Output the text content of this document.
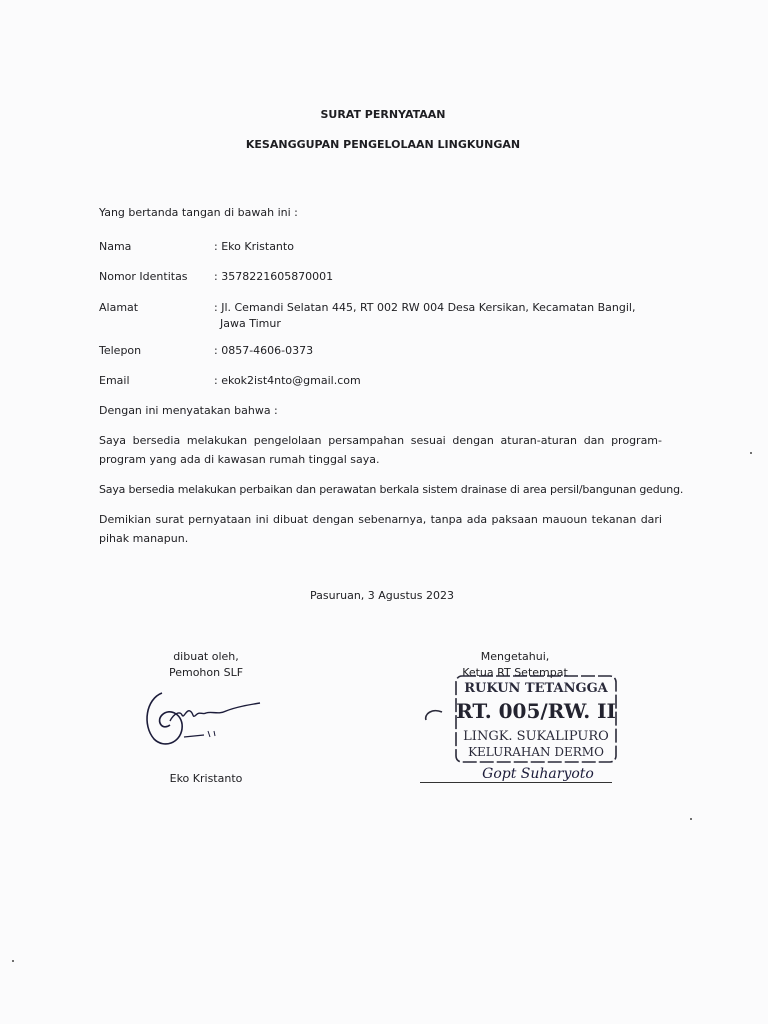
SURAT PERNYATAAN
KESANGGUPAN PENGELOLAAN LINGKUNGAN
Yang bertanda tangan di bawah ini :
Nama	: Eko Kristanto
Nomor Identitas : 3578221605870001
Alamat	: Jl. Cemandi Selatan 445, RT 002 RW 004 Desa Kersikan, Kecamatan Bangil,
Jawa Timur
Telepon	: 0857-4606-0373
Email	: ekok2ist4nto@gmail.com
Dengan ini menyatakan bahwa :
Saya bersedia melakukan pengelolaan persampahan sesuai dengan aturan-aturan dan program-program yang ada di kawasan rumah tinggal saya.
Saya bersedia melakukan perbaikan dan perawatan berkala sistem drainase di area persil/bangunan gedung.
Demikian surat pernyataan ini dibuat dengan sebenarnya, tanpa ada paksaan mauoun tekanan dari pihak manapun.
Pasuruan, 3 Agustus 2023
dibuat oleh,
Pemohon SLF
Eko Kristanto
Mengetahui,
Ketua RT Setempat
RUKUN TETANGGA
RT. 005/RW. II
LINGK. SUKALIPURO
KELURAHAN DERMO
Gopt Suharyoto
